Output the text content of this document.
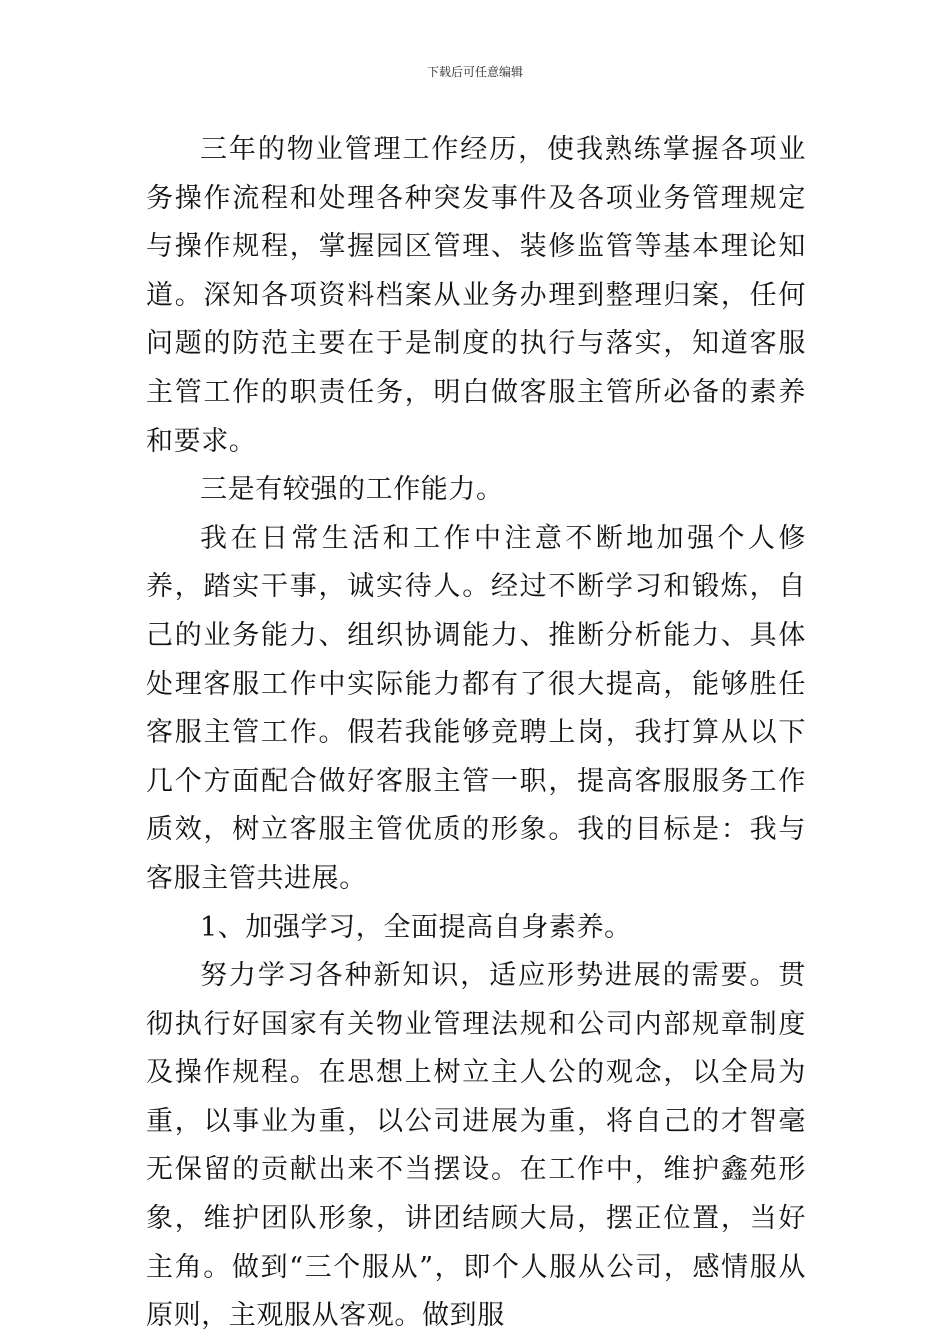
下载后可任意编辑

三年的物业管理工作经历，使我熟练掌握各项业务操作流程和处理各种突发事件及各项业务管理规定与操作规程，掌握园区管理、装修监管等基本理论知道。深知各项资料档案从业务办理到整理归案，任何问题的防范主要在于是制度的执行与落实，知道客服主管工作的职责任务，明白做客服主管所必备的素养和要求。

三是有较强的工作能力。

我在日常生活和工作中注意不断地加强个人修养，踏实干事，诚实待人。经过不断学习和锻炼，自己的业务能力、组织协调能力、推断分析能力、具体处理客服工作中实际能力都有了很大提高，能够胜任客服主管工作。假若我能够竞聘上岗，我打算从以下几个方面配合做好客服主管一职，提高客服服务工作质效，树立客服主管优质的形象。我的目标是：我与客服主管共进展。

1、加强学习，全面提高自身素养。

努力学习各种新知识，适应形势进展的需要。贯彻执行好国家有关物业管理法规和公司内部规章制度及操作规程。在思想上树立主人公的观念，以全局为重，以事业为重，以公司进展为重，将自己的才智毫无保留的贡献出来不当摆设。在工作中，维护鑫苑形象，维护团队形象，讲团结顾大局，摆正位置，当好主角。做到“三个服从”，即个人服从公司，感情服从原则，主观服从客观。做到服
